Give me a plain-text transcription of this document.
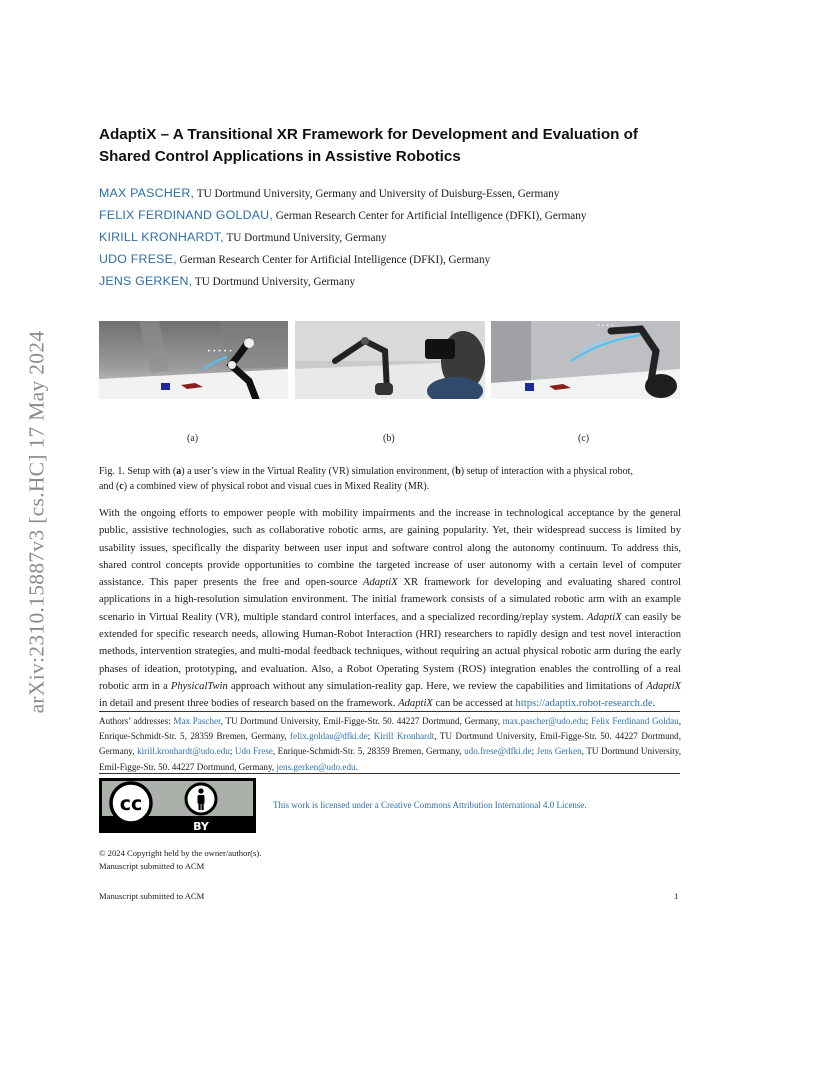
arXiv:2310.15887v3 [cs.HC] 17 May 2024
AdaptiX – A Transitional XR Framework for Development and Evaluation of
Shared Control Applications in Assistive Robotics
MAX PASCHER, TU Dortmund University, Germany and University of Duisburg-Essen, Germany
FELIX FERDINAND GOLDAU, German Research Center for Artificial Intelligence (DFKI), Germany
KIRILL KRONHARDT, TU Dortmund University, Germany
UDO FRESE, German Research Center for Artificial Intelligence (DFKI), Germany
JENS GERKEN, TU Dortmund University, Germany
• • • • •
• • • •
(a)	(b)	(c)
Fig. 1. Setup with (a) a user’s view in the Virtual Reality (VR) simulation environment, (b) setup of interaction with a physical robot,
and (c) a combined view of physical robot and visual cues in Mixed Reality (MR).
With the ongoing efforts to empower people with mobility impairments and the increase in technological acceptance by the general public, assistive technologies, such as collaborative robotic arms, are gaining popularity. Yet, their widespread success is limited by usability issues, specifically the disparity between user input and software control along the autonomy continuum. To address this, shared control concepts provide opportunities to combine the targeted increase of user autonomy with a certain level of computer assistance. This paper presents the free and open-source AdaptiX XR framework for developing and evaluating shared control applications in a high-resolution simulation environment. The initial framework consists of a simulated robotic arm with an example scenario in Virtual Reality (VR), multiple standard control interfaces, and a specialized recording/replay system. AdaptiX can easily be extended for specific research needs, allowing Human-Robot Interaction (HRI) researchers to rapidly design and test novel interaction methods, intervention strategies, and multi-modal feedback techniques, without requiring an actual physical robotic arm during the early phases of ideation, prototyping, and evaluation. Also, a Robot Operating System (ROS) integration enables the controlling of a real robotic arm in a PhysicalTwin approach without any simulation-reality gap. Here, we review the capabilities and limitations of AdaptiX in detail and present three bodies of research based on the framework. AdaptiX can be accessed at https://adaptix.robot-research.de.
Authors’ addresses: Max Pascher, TU Dortmund University, Emil-Figge-Str. 50. 44227 Dortmund, Germany, max.pascher@udo.edu; Felix Ferdinand Goldau, Enrique-Schmidt-Str. 5, 28359 Bremen, Germany, felix.goldau@dfki.de; Kirill Kronhardt, TU Dortmund University, Emil-Figge-Str. 50. 44227 Dortmund, Germany, kirill.kronhardt@udo.edu; Udo Frese, Enrique-Schmidt-Str. 5, 28359 Bremen, Germany, udo.frese@dfki.de; Jens Gerken, TU Dortmund University, Emil-Figge-Str. 50. 44227 Dortmund, Germany, jens.gerken@udo.edu.
cc
BY
This work is licensed under a Creative Commons Attribution International 4.0 License.
© 2024 Copyright held by the owner/author(s).
Manuscript submitted to ACM
Manuscript submitted to ACM	1
